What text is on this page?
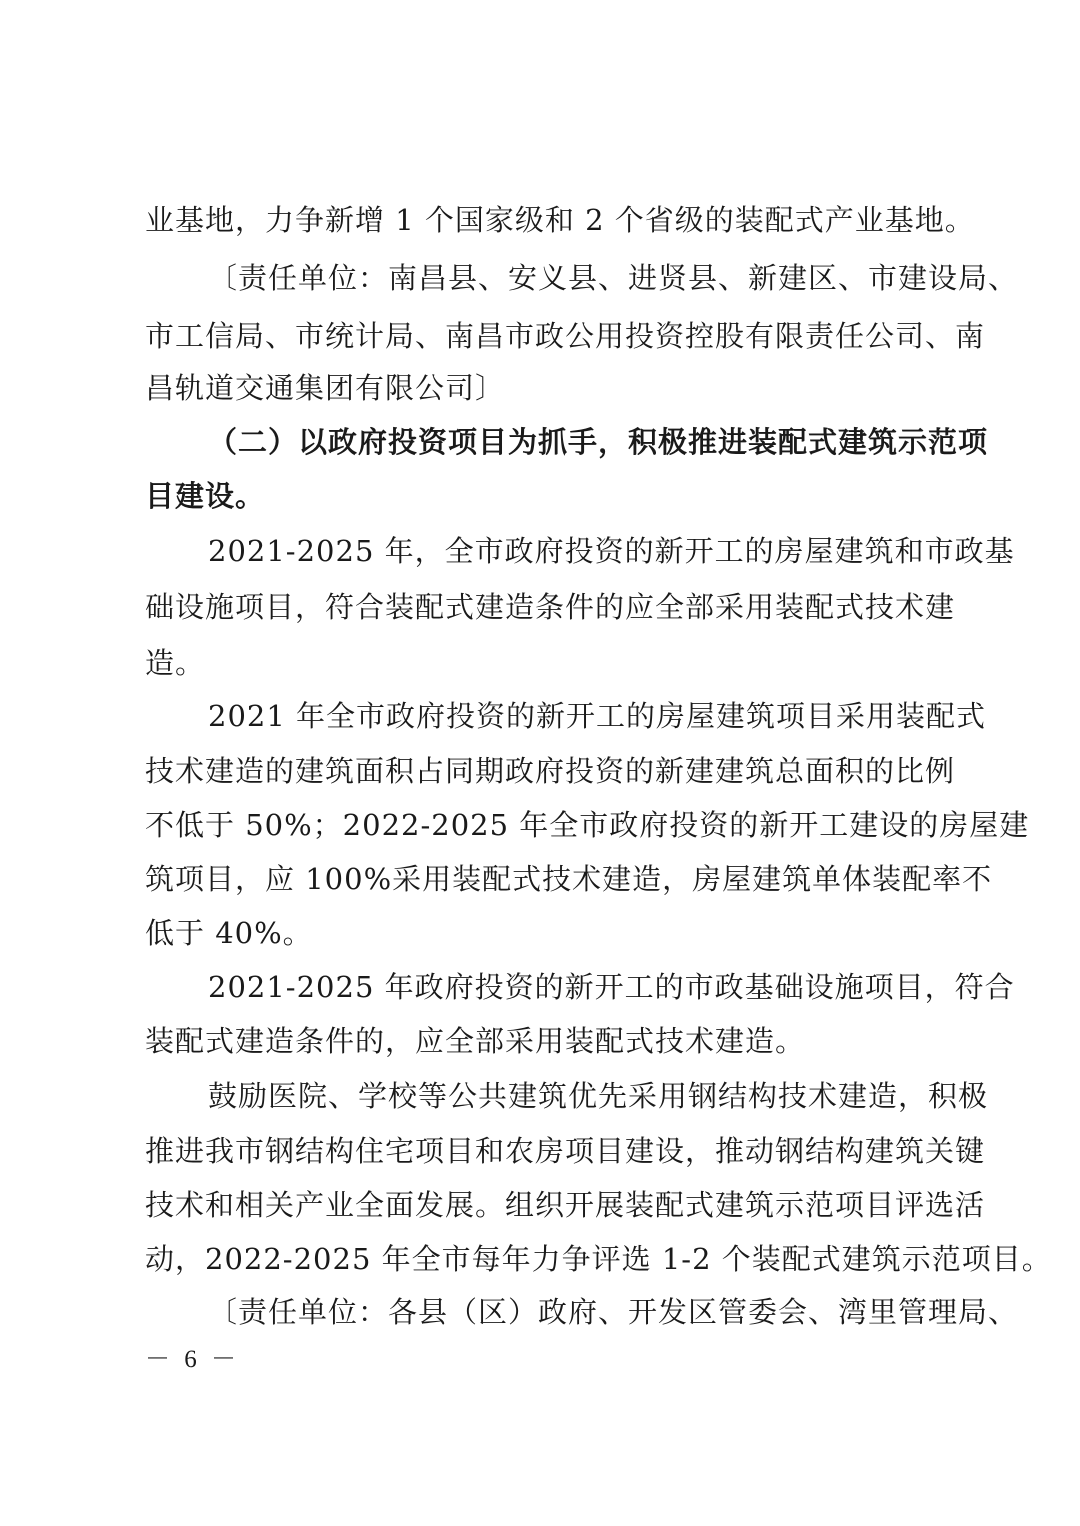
业基地，力争新增 1 个国家级和 2 个省级的装配式产业基地。
〔责任单位：南昌县、安义县、进贤县、新建区、市建设局、
市工信局、市统计局、南昌市政公用投资控股有限责任公司、南
昌轨道交通集团有限公司〕
（二）以政府投资项目为抓手，积极推进装配式建筑示范项
目建设。
2021-2025 年，全市政府投资的新开工的房屋建筑和市政基
础设施项目，符合装配式建造条件的应全部采用装配式技术建
造。
2021 年全市政府投资的新开工的房屋建筑项目采用装配式
技术建造的建筑面积占同期政府投资的新建建筑总面积的比例
不低于 50%；2022-2025 年全市政府投资的新开工建设的房屋建
筑项目，应 100%采用装配式技术建造，房屋建筑单体装配率不
低于 40%。
2021-2025 年政府投资的新开工的市政基础设施项目，符合
装配式建造条件的，应全部采用装配式技术建造。
鼓励医院、学校等公共建筑优先采用钢结构技术建造，积极
推进我市钢结构住宅项目和农房项目建设，推动钢结构建筑关键
技术和相关产业全面发展。组织开展装配式建筑示范项目评选活
动，2022-2025 年全市每年力争评选 1-2 个装配式建筑示范项目。
〔责任单位：各县（区）政府、开发区管委会、湾里管理局、
－ 6 －
